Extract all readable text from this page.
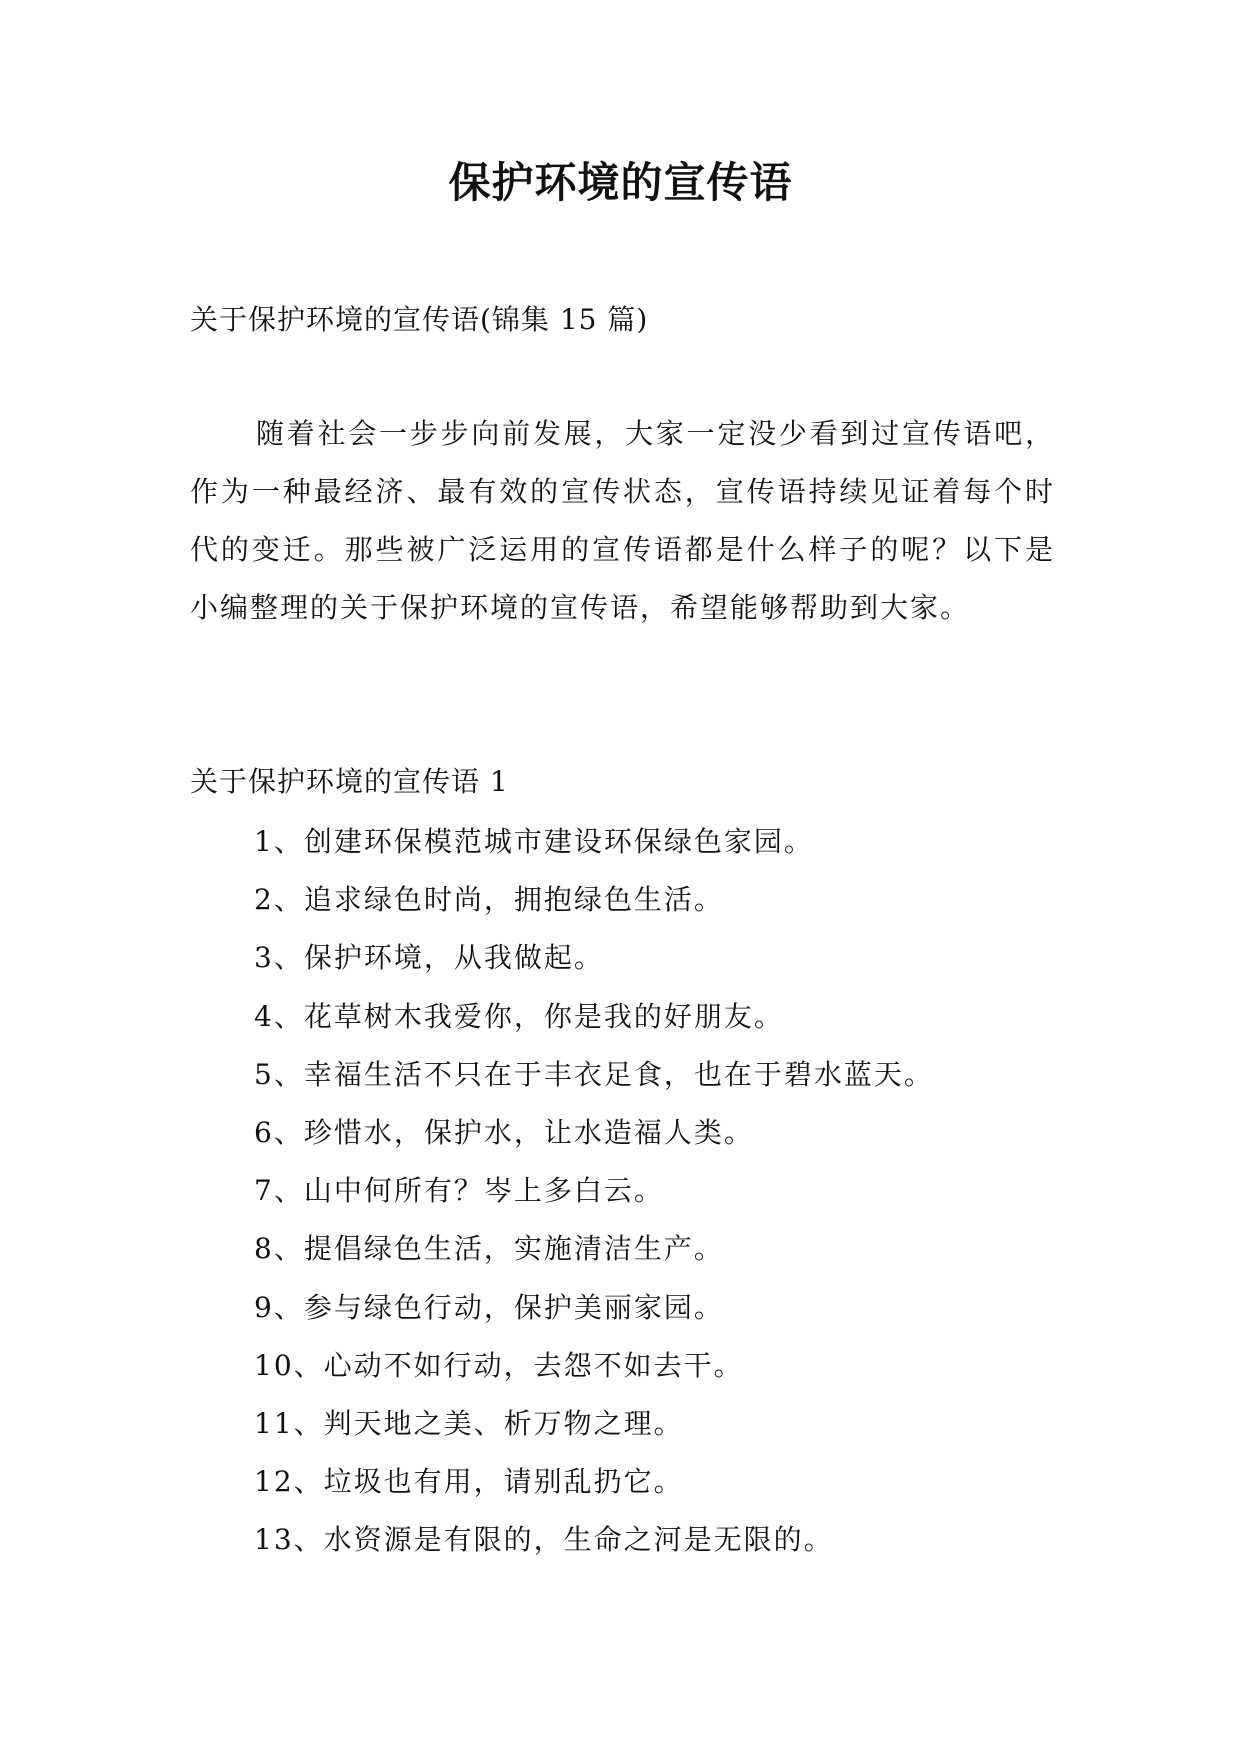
保护环境的宣传语
关于保护环境的宣传语(锦集 15 篇)

随着社会一步步向前发展，大家一定没少看到过宣传语吧，作为一种最经济、最有效的宣传状态，宣传语持续见证着每个时代的变迁。那些被广泛运用的宣传语都是什么样子的呢？以下是小编整理的关于保护环境的宣传语，希望能够帮助到大家。

关于保护环境的宣传语 1
1、创建环保模范城市建设环保绿色家园。
2、追求绿色时尚，拥抱绿色生活。
3、保护环境，从我做起。
4、花草树木我爱你，你是我的好朋友。
5、幸福生活不只在于丰衣足食，也在于碧水蓝天。
6、珍惜水，保护水，让水造福人类。
7、山中何所有？岑上多白云。
8、提倡绿色生活，实施清洁生产。
9、参与绿色行动，保护美丽家园。
10、心动不如行动，去怨不如去干。
11、判天地之美、析万物之理。
12、垃圾也有用，请别乱扔它。
13、水资源是有限的，生命之河是无限的。
